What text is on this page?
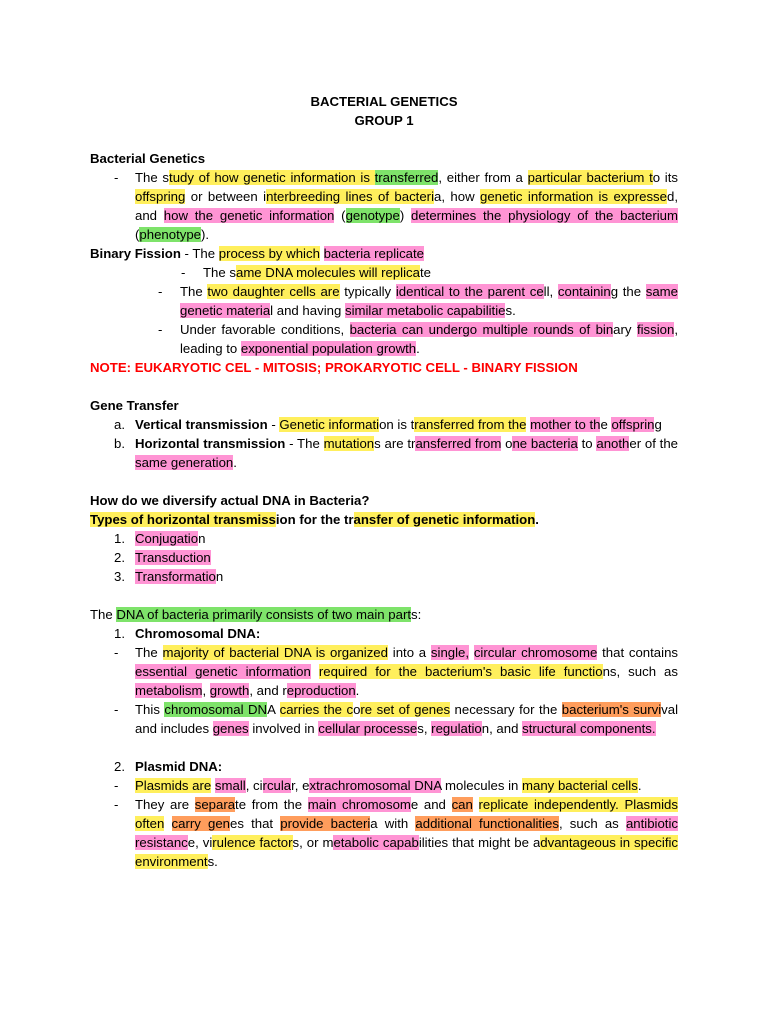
BACTERIAL GENETICS
GROUP 1
Bacterial Genetics
-	The study of how genetic information is transferred, either from a particular bacterium to its offspring or between interbreeding lines of bacteria, how genetic information is expressed, and how the genetic information (genotype) determines the physiology of the bacterium (phenotype).
Binary Fission - The process by which bacteria replicate
-	The same DNA molecules will replicate
-	The two daughter cells are typically identical to the parent cell, containing the same genetic material and having similar metabolic capabilities.
-	Under favorable conditions, bacteria can undergo multiple rounds of binary fission, leading to exponential population growth.
NOTE: EUKARYOTIC CEL - MITOSIS; PROKARYOTIC CELL - BINARY FISSION
Gene Transfer
a. Vertical transmission - Genetic information is transferred from the mother to the offspring
b. Horizontal transmission - The mutations are transferred from one bacteria to another of the same generation.
How do we diversify actual DNA in Bacteria?
Types of horizontal transmission for the transfer of genetic information.
1. Conjugation
2. Transduction
3. Transformation
The DNA of bacteria primarily consists of two main parts:
1. Chromosomal DNA:
-	The majority of bacterial DNA is organized into a single, circular chromosome that contains essential genetic information required for the bacterium's basic life functions, such as metabolism, growth, and reproduction.
-	This chromosomal DNA carries the core set of genes necessary for the bacterium's survival and includes genes involved in cellular processes, regulation, and structural components.
2. Plasmid DNA:
-	Plasmids are small, circular, extrachromosomal DNA molecules in many bacterial cells.
-	They are separate from the main chromosome and can replicate independently. Plasmids often carry genes that provide bacteria with additional functionalities, such as antibiotic resistance, virulence factors, or metabolic capabilities that might be advantageous in specific environments.
